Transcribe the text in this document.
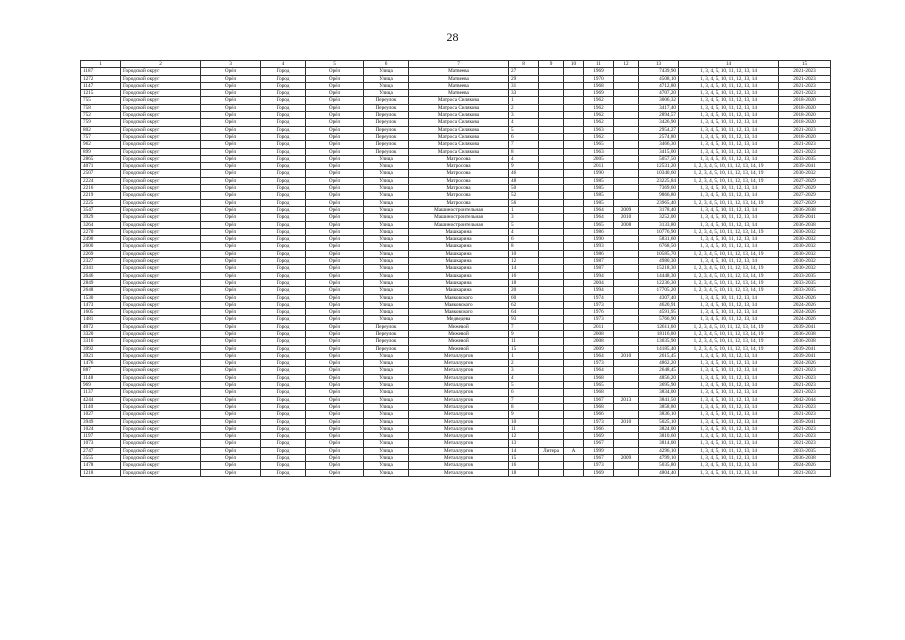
28
1	2	3	4	5	6	7	8	9	10	11	12	13	14	15
1187	Городской округ	Орёл	Город	Орёл	Улица	Матвеева	27			1969		7439,90	1, 3, 4, 5, 10, 11, 12, 13, 14	2021-2023
1272	Городской округ	Орёл	Город	Орёл	Улица	Матвеева	29			1970		4508,10	1, 3, 4, 5, 10, 11, 12, 13, 14	2021-2023
1147	Городской округ	Орёл	Город	Орёл	Улица	Матвеева	31			1968		4712,80	1, 3, 4, 5, 10, 11, 12, 13, 14	2021-2023
1215	Городской округ	Орёл	Город	Орёл	Улица	Матвеева	33			1969		4707,20	1, 3, 4, 5, 10, 11, 12, 13, 14	2021-2023
755	Городской округ	Орёл	Город	Орёл	Переулок	Матроса Силякова	1			1962		3006,32	1, 3, 4, 5, 10, 11, 12, 13, 14	2018-2020
758	Городской округ	Орёл	Город	Орёл	Переулок	Матроса Силякова	2			1962		3417,40	1, 3, 4, 5, 10, 11, 12, 13, 14	2018-2020
752	Городской округ	Орёл	Город	Орёл	Переулок	Матроса Силякова	3			1962		2894,57	1, 3, 4, 5, 10, 11, 12, 13, 14	2018-2020
759	Городской округ	Орёл	Город	Орёл	Переулок	Матроса Силякова	4			1962		3426,90	1, 3, 4, 5, 10, 11, 12, 13, 14	2018-2020
802	Городской округ	Орёл	Город	Орёл	Переулок	Матроса Силякова	5			1963		2954,27	1, 3, 4, 5, 10, 11, 12, 13, 14	2021-2023
757	Городской округ	Орёл	Город	Орёл	Переулок	Матроса Силякова	6			1962		2574,80	1, 3, 4, 5, 10, 11, 12, 13, 14	2018-2020
962	Городской округ	Орёл	Город	Орёл	Переулок	Матроса Силякова	7			1965		3466,30	1, 3, 4, 5, 10, 11, 12, 13, 14	2021-2023
899	Городской округ	Орёл	Город	Орёл	Переулок	Матроса Силякова	8			1963		3415,00	1, 3, 4, 5, 10, 11, 12, 13, 14	2021-2023
2865	Городской округ	Орёл	Город	Орёл	Улица	Матросова	4			2005		5057,50	1, 3, 4, 5, 10, 11, 12, 13, 14	2033-2035
4071	Городской округ	Орёл	Город	Орёл	Улица	Матросова	9			2011		12531,20	1, 2, 3, 4, 5, 10, 11, 12, 13, 14, 19	2039-2041
2507	Городской округ	Орёл	Город	Орёл	Улица	Матросова	46			1990		10340,60	1, 2, 3, 4, 5, 10, 11, 12, 13, 14, 19	2030-2032
2224	Городской округ	Орёл	Город	Орёл	Улица	Матросова	48			1985		23225,84	1, 2, 3, 4, 5, 10, 11, 12, 13, 14, 19	2027-2029
2216	Городской округ	Орёл	Город	Орёл	Улица	Матросова	50			1985		7369,60	1, 3, 4, 5, 10, 11, 12, 13, 14	2027-2029
2219	Городской округ	Орёл	Город	Орёл	Улица	Матросова	52			1985		9866,80	1, 3, 4, 5, 10, 11, 12, 13, 14	2027-2029
2225	Городской округ	Орёл	Город	Орёл	Улица	Матросова	56			1985		23965,40	1, 2, 3, 4, 5, 10, 11, 12, 13, 14, 19	2027-2029
3547	Городской округ	Орёл	Город	Орёл	Улица	Машиностроительная	1			1964	2009	3178,40	1, 3, 4, 5, 10, 11, 12, 13, 14	2036-2038
3929	Городской округ	Орёл	Город	Орёл	Улица	Машиностроительная	3			1964	2010	3252,00	1, 3, 4, 5, 10, 11, 12, 13, 14	2039-2041
3264	Городской округ	Орёл	Город	Орёл	Улица	Машиностроительная	5			1965	2008	3133,80	1, 3, 4, 5, 10, 11, 12, 13, 14	2036-2038
2270	Городской округ	Орёл	Город	Орёл	Улица	Машкарина	4			1986		10776,90	1, 2, 3, 4, 5, 10, 11, 12, 13, 14, 19	2030-2032
2490	Городской округ	Орёл	Город	Орёл	Улица	Машкарина	6			1990		5831,60	1, 3, 4, 5, 10, 11, 12, 13, 14	2030-2032
2600	Городской округ	Орёл	Город	Орёл	Улица	Машкарина	8			1993		6768,50	1, 3, 4, 5, 10, 11, 12, 13, 14	2030-2032
2269	Городской округ	Орёл	Город	Орёл	Улица	Машкарина	10			1986		10585,70	1, 2, 3, 4, 5, 10, 11, 12, 13, 14, 19	2030-2032
2327	Городской округ	Орёл	Город	Орёл	Улица	Машкарина	12			1987		4980,30	1, 3, 4, 5, 10, 11, 12, 13, 14	2030-2032
2341	Городской округ	Орёл	Город	Орёл	Улица	Машкарина	14			1987		15218,30	1, 2, 3, 4, 5, 10, 11, 12, 13, 14, 19	2030-2032
2646	Городской округ	Орёл	Город	Орёл	Улица	Машкарина	16			1994		14448,30	1, 2, 3, 4, 5, 10, 11, 12, 13, 14, 19	2033-2035
2849	Городской округ	Орёл	Город	Орёл	Улица	Машкарина	18			2004		12236,30	1, 2, 3, 4, 5, 10, 11, 12, 13, 14, 19	2033-2035
2648	Городской округ	Орёл	Город	Орёл	Улица	Машкарина	20			1994		17705,20	1, 2, 3, 4, 5, 10, 11, 12, 13, 14, 19	2033-2035
1530	Городской округ	Орёл	Город	Орёл	Улица	Маяковского	60			1974		4307,40	1, 3, 4, 5, 10, 11, 12, 13, 14	2024-2026
1473	Городской округ	Орёл	Город	Орёл	Улица	Маяковского	62			1973		4620,91	1, 3, 4, 5, 10, 11, 12, 13, 14	2024-2026
1605	Городской округ	Орёл	Город	Орёл	Улица	Маяковского	64			1976		4591,95	1, 3, 4, 5, 10, 11, 12, 13, 14	2024-2026
1481	Городской округ	Орёл	Город	Орёл	Улица	Медведева	93			1973		5766,90	1, 3, 4, 5, 10, 11, 12, 13, 14	2024-2026
4072	Городской округ	Орёл	Город	Орёл	Переулок	Межевой	7			2011		12611,60	1, 2, 3, 4, 5, 10, 11, 12, 13, 14, 19	2039-2041
3320	Городской округ	Орёл	Город	Орёл	Переулок	Межевой	9			2008		18116,00	1, 2, 3, 4, 5, 10, 11, 12, 13, 14, 19	2036-2038
3316	Городской округ	Орёл	Город	Орёл	Переулок	Межевой	11			2008		13035,90	1, 2, 3, 4, 5, 10, 11, 12, 13, 14, 19	2036-2038
3992	Городской округ	Орёл	Город	Орёл	Переулок	Межевой	15			2009		14185,40	1, 2, 3, 4, 5, 10, 11, 12, 13, 14, 19	2039-2041
3921	Городской округ	Орёл	Город	Орёл	Улица	Металлургов	1			1964	2010	2615,45	1, 3, 4, 5, 10, 11, 12, 13, 14	2039-2041
1476	Городской округ	Орёл	Город	Орёл	Улица	Металлургов	2			1973		4862,20	1, 3, 4, 5, 10, 11, 12, 13, 14	2024-2026
887	Городской округ	Орёл	Город	Орёл	Улица	Металлургов	3			1964		2648,45	1, 3, 4, 5, 10, 11, 12, 13, 14	2021-2023
1148	Городской округ	Орёл	Город	Орёл	Улица	Металлургов	4			1968		4856,20	1, 3, 4, 5, 10, 11, 12, 13, 14	2021-2023
969	Городской округ	Орёл	Город	Орёл	Улица	Металлургов	5			1965		3695,90	1, 3, 4, 5, 10, 11, 12, 13, 14	2021-2023
1137	Городской округ	Орёл	Город	Орёл	Улица	Металлургов	6			1968		3834,00	1, 3, 4, 5, 10, 11, 12, 13, 14	2021-2023
4244	Городской округ	Орёл	Город	Орёл	Улица	Металлургов	7			1967	2013	3841,50	1, 3, 4, 5, 10, 11, 12, 13, 14	2042-2044
1140	Городской округ	Орёл	Город	Орёл	Улица	Металлургов	8			1968		3858,80	1, 3, 4, 5, 10, 11, 12, 13, 14	2021-2023
1027	Городской округ	Орёл	Город	Орёл	Улица	Металлургов	9			1966		3836,10	1, 3, 4, 5, 10, 11, 12, 13, 14	2021-2023
3949	Городской округ	Орёл	Город	Орёл	Улица	Металлургов	10			1973	2010	5025,10	1, 3, 4, 5, 10, 11, 12, 13, 14	2039-2041
1024	Городской округ	Орёл	Город	Орёл	Улица	Металлургов	11			1966		3824,00	1, 3, 4, 5, 10, 11, 12, 13, 14	2021-2023
1197	Городской округ	Орёл	Город	Орёл	Улица	Металлургов	12			1969		3810,60	1, 3, 4, 5, 10, 11, 12, 13, 14	2021-2023
1073	Городской округ	Орёл	Город	Орёл	Улица	Металлургов	13			1967		3814,00	1, 3, 4, 5, 10, 11, 12, 13, 14	2021-2023
2747	Городской округ	Орёл	Город	Орёл	Улица	Металлургов	14	Литера	А	1999		4296,10	1, 3, 4, 5, 10, 11, 12, 13, 14	2033-2035
3555	Городской округ	Орёл	Город	Орёл	Улица	Металлургов	15			1967	2009	4799,10	1, 3, 4, 5, 10, 11, 12, 13, 14	2036-2038
1478	Городской округ	Орёл	Город	Орёл	Улица	Металлургов	16			1973		5035,80	1, 3, 4, 5, 10, 11, 12, 13, 14	2024-2026
1218	Городской округ	Орёл	Город	Орёл	Улица	Металлургов	18			1969		4804,40	1, 3, 4, 5, 10, 11, 12, 13, 14	2021-2023
